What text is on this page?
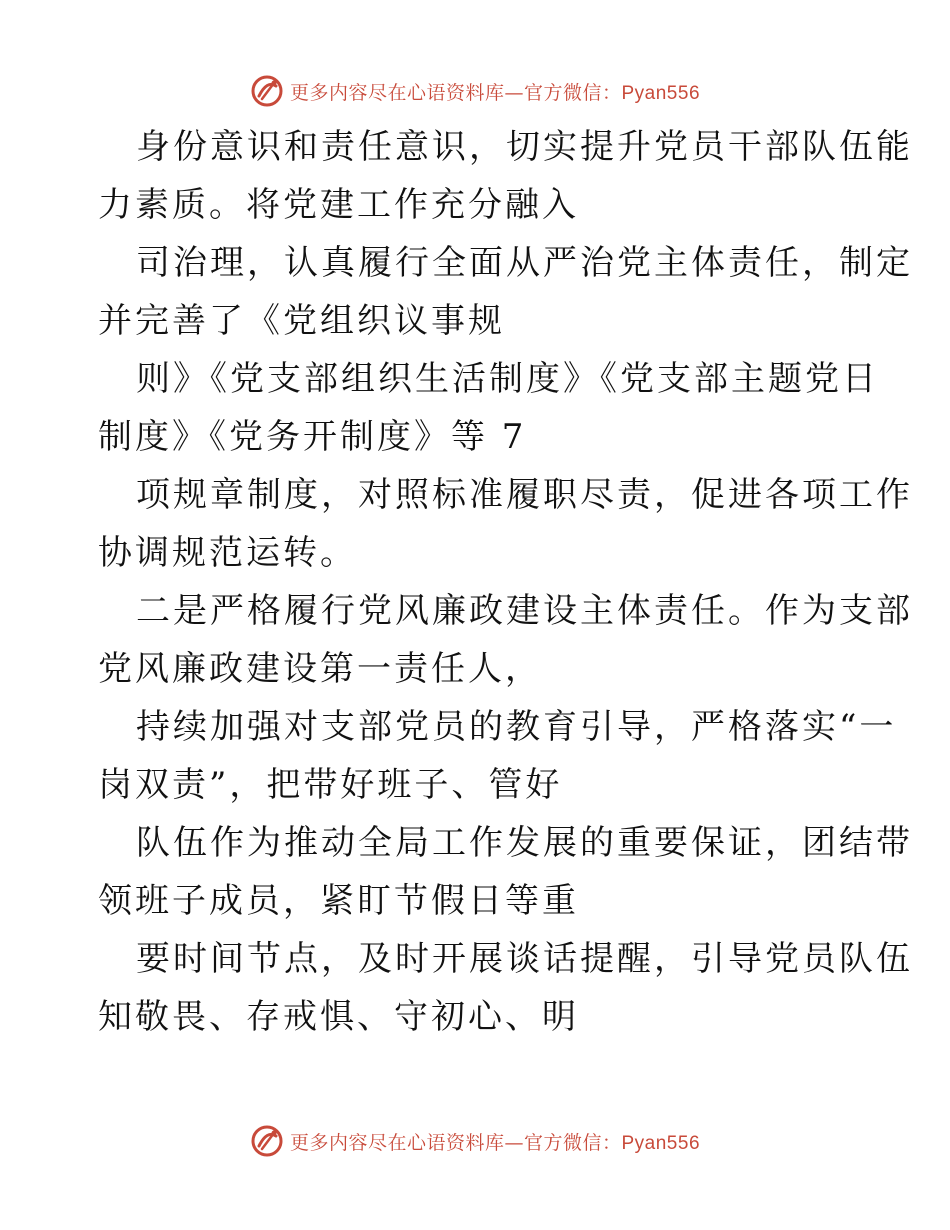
更多内容尽在心语资料库—官方微信：Pyan556
身份意识和责任意识，切实提升党员干部队伍能
力素质。将党建工作充分融入
司治理，认真履行全面从严治党主体责任，制定
并完善了《党组织议事规
则》《党支部组织生活制度》《党支部主题党日
制度》《党务开制度》等 7
项规章制度，对照标准履职尽责，促进各项工作
协调规范运转。
二是严格履行党风廉政建设主体责任。作为支部
党风廉政建设第一责任人，
持续加强对支部党员的教育引导，严格落实“一
岗双责”，把带好班子、管好
队伍作为推动全局工作发展的重要保证，团结带
领班子成员，紧盯节假日等重
要时间节点，及时开展谈话提醒，引导党员队伍
知敬畏、存戒惧、守初心、明
更多内容尽在心语资料库—官方微信：Pyan556
